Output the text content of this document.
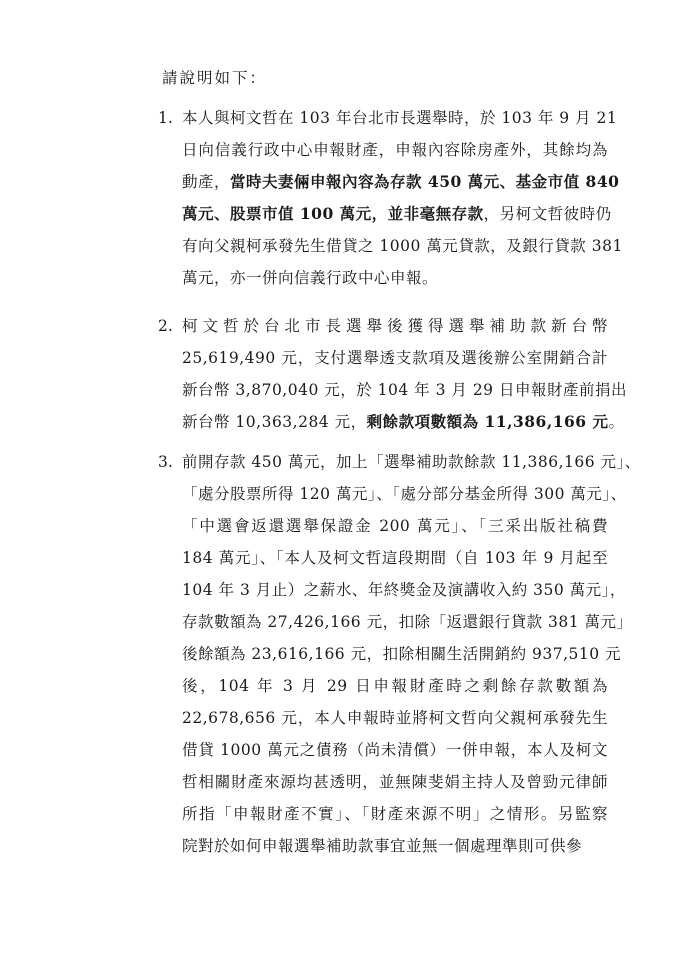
請說明如下：
1. 本人與柯文哲在 103 年台北市長選舉時，於 103 年 9 月 21
日向信義行政中心申報財產，申報內容除房產外，其餘均為
動產，當時夫妻倆申報內容為存款 450 萬元、基金市值 840
萬元、股票市值 100 萬元，並非毫無存款，另柯文哲彼時仍
有向父親柯承發先生借貸之 1000 萬元貸款，及銀行貸款 381
萬元，亦一併向信義行政中心申報。
2. 柯文哲於台北市長選舉後獲得選舉補助款新台幣
25,619,490 元，支付選舉透支款項及選後辦公室開銷合計
新台幣 3,870,040 元，於 104 年 3 月 29 日申報財產前捐出
新台幣 10,363,284 元，剩餘款項數額為 11,386,166 元。
3. 前開存款 450 萬元，加上「選舉補助款餘款 11,386,166 元」、
「處分股票所得 120 萬元」、「處分部分基金所得 300 萬元」、
「中選會返還選舉保證金 200 萬元」、「三采出版社稿費
184 萬元」、「本人及柯文哲這段期間（自 103 年 9 月起至
104 年 3 月止）之薪水、年終獎金及演講收入約 350 萬元」，
存款數額為 27,426,166 元，扣除「返還銀行貸款 381 萬元」
後餘額為 23,616,166 元，扣除相關生活開銷約 937,510 元
後，104 年 3 月 29 日申報財產時之剩餘存款數額為
22,678,656 元，本人申報時並將柯文哲向父親柯承發先生
借貸 1000 萬元之債務（尚未清償）一併申報，本人及柯文
哲相關財產來源均甚透明，並無陳斐娟主持人及曾勁元律師
所指「申報財產不實」、「財產來源不明」之情形。另監察
院對於如何申報選舉補助款事宜並無一個處理準則可供參
